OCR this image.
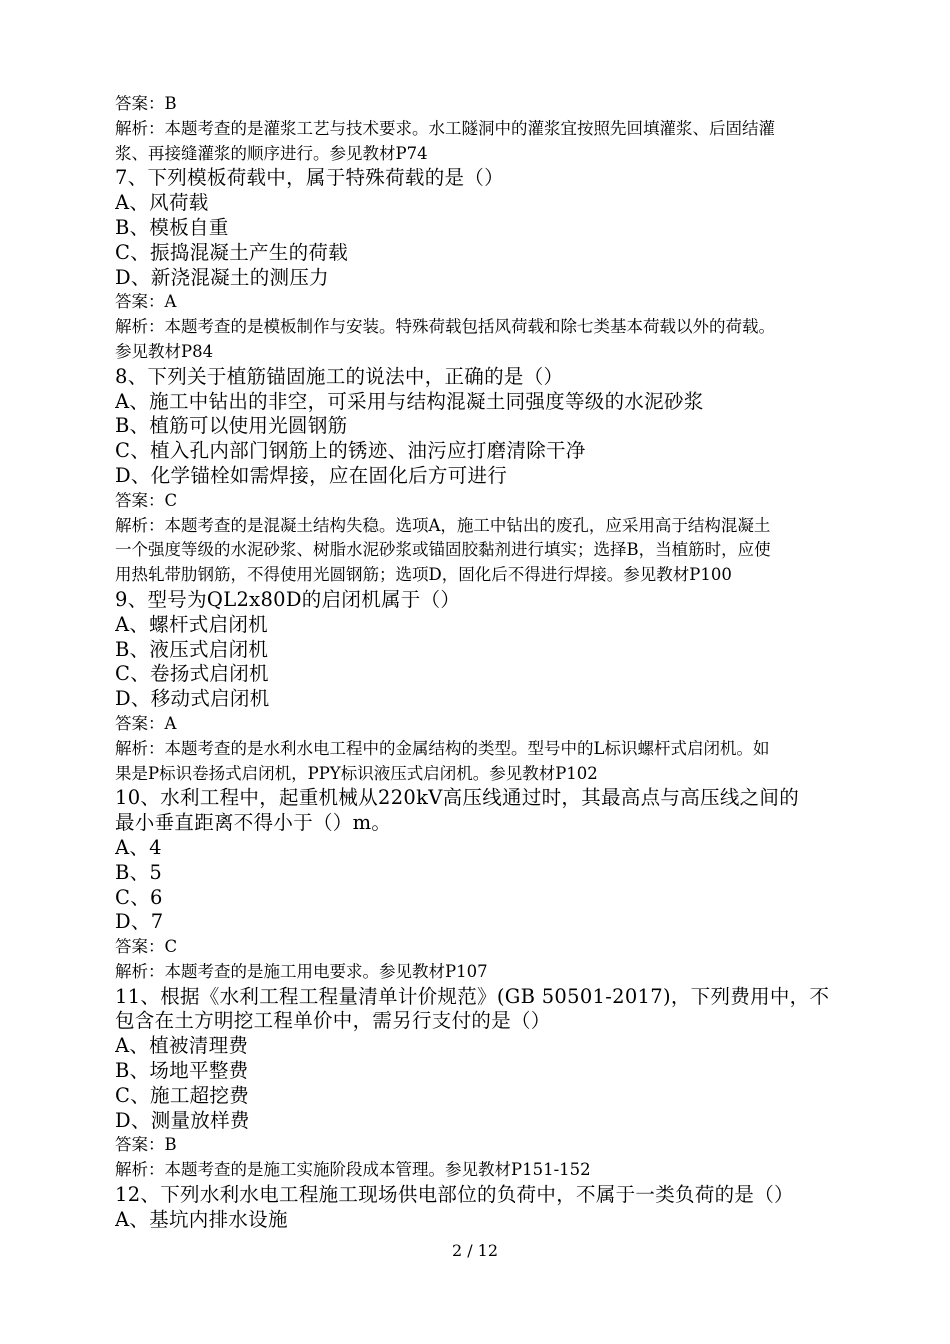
答案：B
解析：本题考查的是灌浆工艺与技术要求。水工隧洞中的灌浆宜按照先回填灌浆、后固结灌
浆、再接缝灌浆的顺序进行。参见教材P74
7、下列模板荷载中，属于特殊荷载的是（）
A、风荷载
B、模板自重
C、振捣混凝土产生的荷载
D、新浇混凝土的测压力
答案：A
解析：本题考查的是模板制作与安装。特殊荷载包括风荷载和除七类基本荷载以外的荷载。
参见教材P84
8、下列关于植筋锚固施工的说法中，正确的是（）
A、施工中钻出的非空，可采用与结构混凝土同强度等级的水泥砂浆
B、植筋可以使用光圆钢筋
C、植入孔内部门钢筋上的锈迹、油污应打磨清除干净
D、化学锚栓如需焊接，应在固化后方可进行
答案：C
解析：本题考查的是混凝土结构失稳。选项A，施工中钻出的废孔，应采用高于结构混凝土
一个强度等级的水泥砂浆、树脂水泥砂浆或锚固胶黏剂进行填实；选择B，当植筋时，应使
用热轧带肋钢筋，不得使用光圆钢筋；选项D，固化后不得进行焊接。参见教材P100
9、型号为QL2x80D的启闭机属于（）
A、螺杆式启闭机
B、液压式启闭机
C、卷扬式启闭机
D、移动式启闭机
答案：A
解析：本题考查的是水利水电工程中的金属结构的类型。型号中的L标识螺杆式启闭机。如
果是P标识卷扬式启闭机，PPY标识液压式启闭机。参见教材P102
10、水利工程中，起重机械从220kV高压线通过时，其最高点与高压线之间的
最小垂直距离不得小于（）m。
A、4
B、5
C、6
D、7
答案：C
解析：本题考查的是施工用电要求。参见教材P107
11、根据《水利工程工程量清单计价规范》(GB 50501-2017)，下列费用中，不
包含在土方明挖工程单价中，需另行支付的是（）
A、植被清理费
B、场地平整费
C、施工超挖费
D、测量放样费
答案：B
解析：本题考查的是施工实施阶段成本管理。参见教材P151-152
12、下列水利水电工程施工现场供电部位的负荷中，不属于一类负荷的是（）
A、基坑内排水设施
2 / 12
